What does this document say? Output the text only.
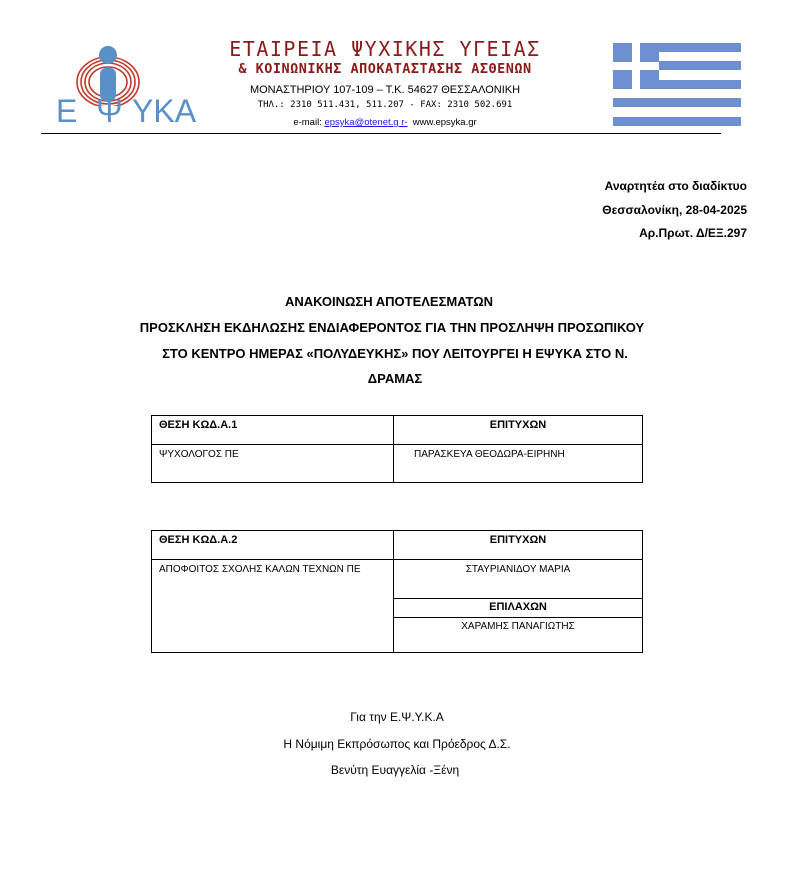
Ε Ψ ΥΚΑ
ΕΤΑΙΡΕΙΑ ΨΥΧΙΚΗΣ ΥΓΕΙΑΣ
& ΚΟΙΝΩΝΙΚΗΣ ΑΠΟΚΑΤΑΣΤΑΣΗΣ ΑΣΘΕΝΩΝ
ΜΟΝΑΣΤΗΡΙΟΥ 107-109 – Τ.Κ. 54627 ΘΕΣΣΑΛΟΝΙΚΗ
ΤΗΛ.: 2310 511.431, 511.207 - FAX: 2310 502.691
e-mail: epsyka@otenet.g r- www.epsyka.gr
Αναρτητέα στο διαδίκτυο
Θεσσαλονίκη, 28-04-2025
Αρ.Πρωτ. Δ/ΕΞ.297
ΑΝΑΚΟΙΝΩΣΗ ΑΠΟΤΕΛΕΣΜΑΤΩΝ
ΠΡΟΣΚΛΗΣΗ ΕΚΔΗΛΩΣΗΣ ΕΝΔΙΑΦΕΡΟΝΤΟΣ ΓΙΑ ΤΗΝ ΠΡΟΣΛΗΨΗ ΠΡΟΣΩΠΙΚΟΥ
ΣΤΟ ΚΕΝΤΡΟ ΗΜΕΡΑΣ «ΠΟΛΥΔΕΥΚΗΣ» ΠΟΥ ΛΕΙΤΟΥΡΓΕΙ Η ΕΨΥΚΑ ΣΤΟ Ν.
ΔΡΑΜΑΣ
ΘΕΣΗ ΚΩΔ.Α.1	ΕΠΙΤΥΧΩΝ
ΨΥΧΟΛΟΓΟΣ ΠΕ	ΠΑΡΑΣΚΕΥΑ ΘΕΟΔΩΡΑ-ΕΙΡΗΝΗ
ΘΕΣΗ ΚΩΔ.Α.2	ΕΠΙΤΥΧΩΝ
ΑΠΟΦΟΙΤΟΣ ΣΧΟΛΗΣ ΚΑΛΩΝ ΤΕΧΝΩΝ ΠΕ	ΣΤΑΥΡΙΑΝΙΔΟΥ ΜΑΡΙΑ
ΕΠΙΛΑΧΩΝ
ΧΑΡΑΜΗΣ ΠΑΝΑΓΙΩΤΗΣ
Για την Ε.Ψ.Υ.Κ.Α
Η Νόμιμη Εκπρόσωπος και Πρόεδρος Δ.Σ.
Βενύτη Ευαγγελία -Ξένη
